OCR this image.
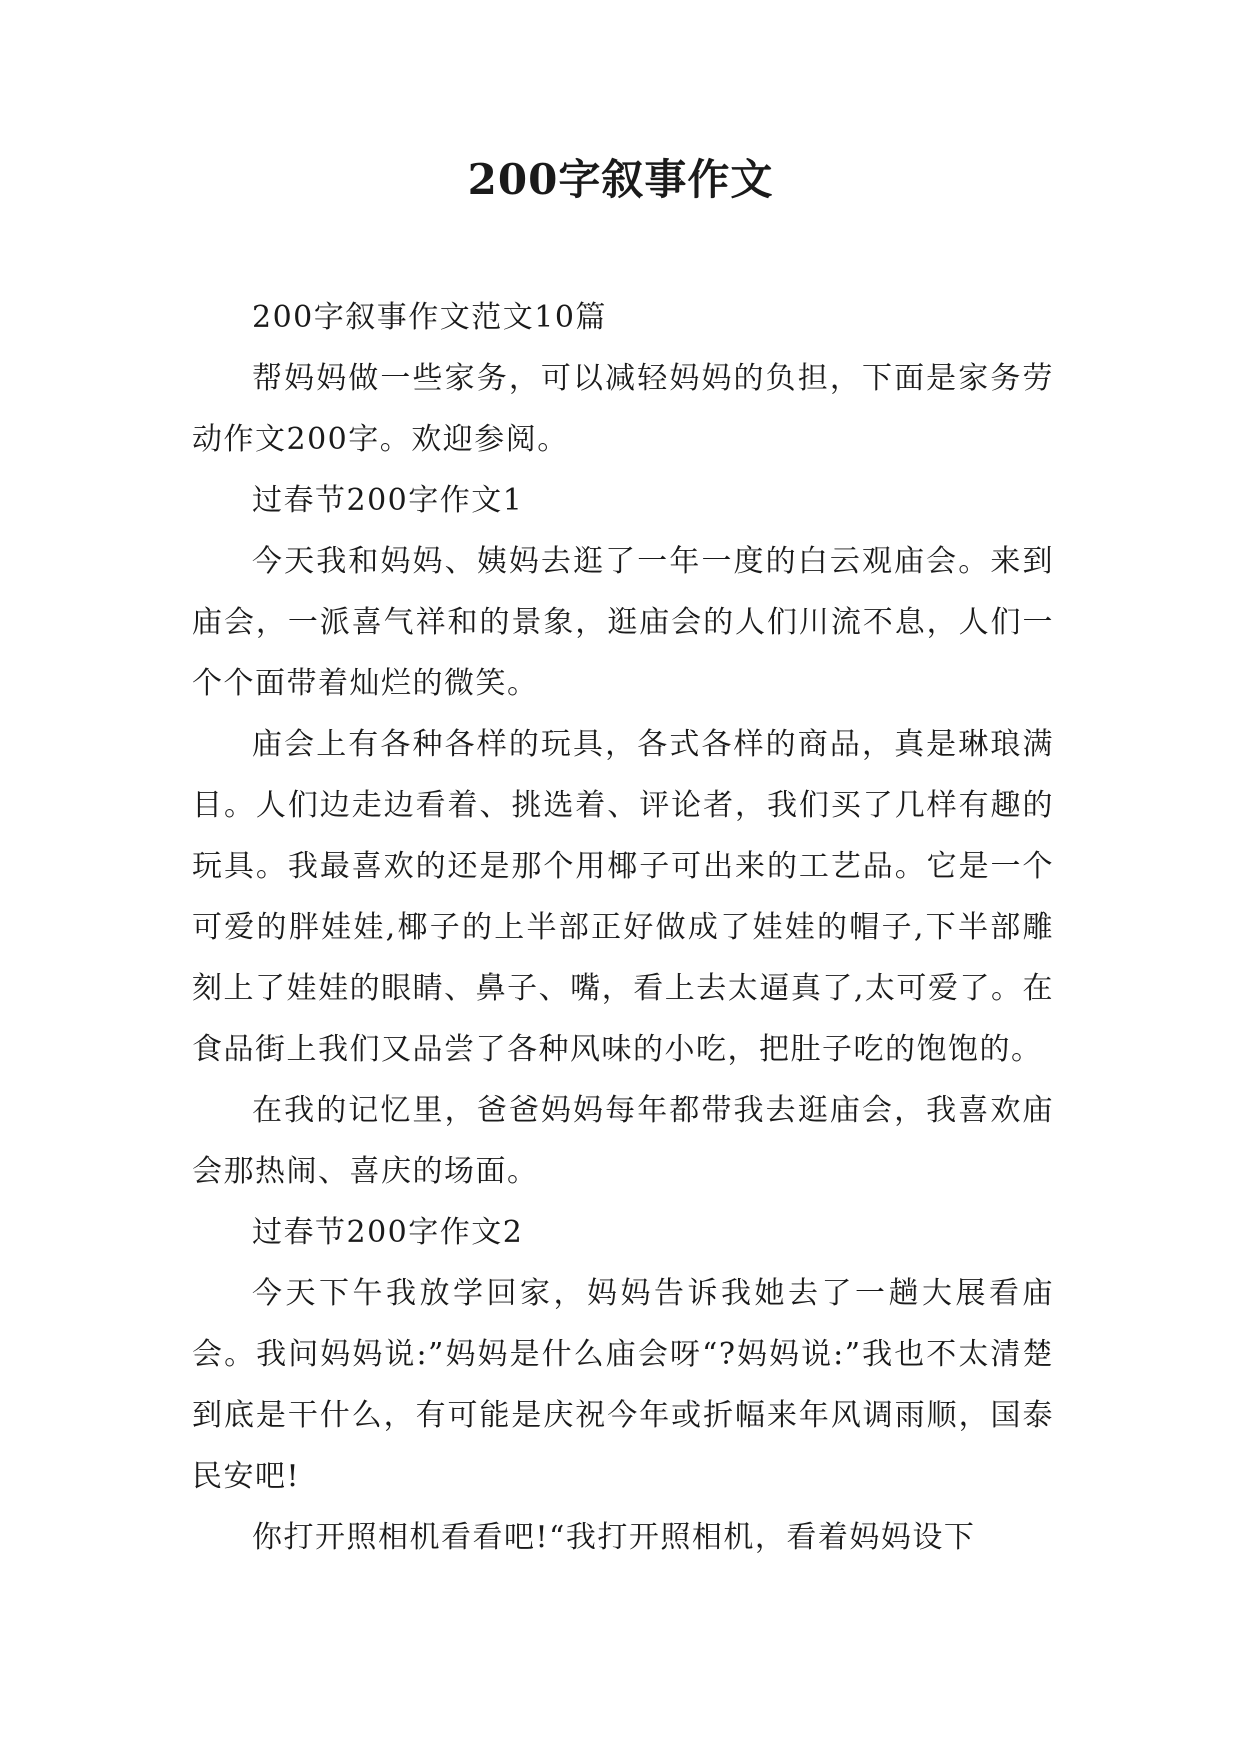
200字叙事作文

200字叙事作文范文10篇

帮妈妈做一些家务，可以减轻妈妈的负担，下面是家务劳动作文200字。欢迎参阅。

过春节200字作文1

今天我和妈妈、姨妈去逛了一年一度的白云观庙会。来到庙会，一派喜气祥和的景象，逛庙会的人们川流不息，人们一个个面带着灿烂的微笑。

庙会上有各种各样的玩具，各式各样的商品，真是琳琅满目。人们边走边看着、挑选着、评论者，我们买了几样有趣的玩具。我最喜欢的还是那个用椰子可出来的工艺品。它是一个可爱的胖娃娃,椰子的上半部正好做成了娃娃的帽子,下半部雕刻上了娃娃的眼睛、鼻子、嘴，看上去太逼真了,太可爱了。在食品街上我们又品尝了各种风味的小吃，把肚子吃的饱饱的。

在我的记忆里，爸爸妈妈每年都带我去逛庙会，我喜欢庙会那热闹、喜庆的场面。

过春节200字作文2

今天下午我放学回家，妈妈告诉我她去了一趟大展看庙会。我问妈妈说:”妈妈是什么庙会呀“?妈妈说:”我也不太清楚到底是干什么，有可能是庆祝今年或折幅来年风调雨顺，国泰民安吧!

你打开照相机看看吧!“我打开照相机，看着妈妈设下
